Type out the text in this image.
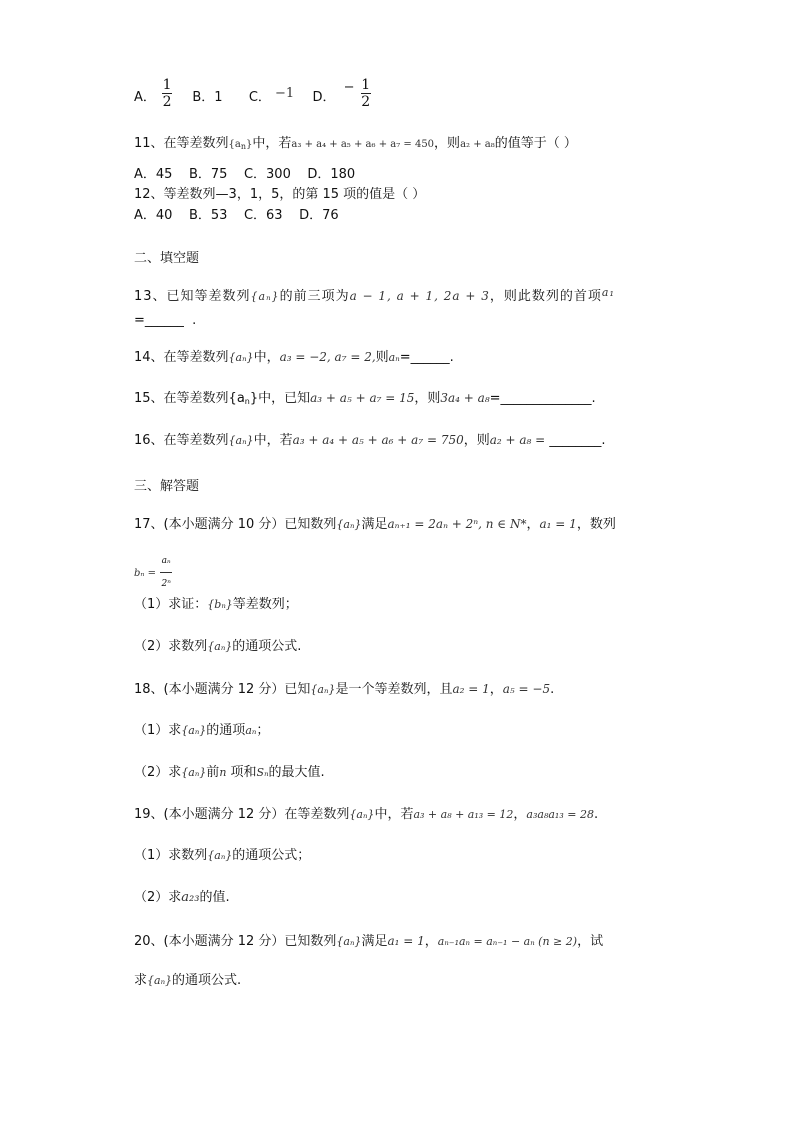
A． $\frac{1}{2}$ B．1 C． −1 D． − $\frac{1}{2}$
11、在等差数列$\{a_n\}$中，若a₃ + a₄ + a₅ + a₆ + a₇ = 450，则a₂ + a₈的值等于（ ）
A．45    B．75    C．300    D．180
12、等差数列—3，1，5，的第 15 项的值是（ ）
A．40    B．53    C．63    D．76
二、填空题
13、已知等差数列{aₙ}的前三项为a − 1, a + 1, 2a + 3，则此数列的首项$^{a_1}$
=______  .
14、在等差数列{aₙ}中，a₃ = −2, a₇ = 2,则aₙ=______.
15、在等差数列$\{a_n\}$中，已知a₃ + a₅ + a₇ = 15，则3a₄ + a₈=______________.
16、在等差数列{aₙ}中，若a₃ + a₄ + a₅ + a₆ + a₇ = 750，则a₂ + a₈ = ________.
三、解答题
17、(本小题满分 10 分）已知数列{aₙ}满足aₙ₊₁ = 2aₙ + 2ⁿ, n ∈ N*，a₁ = 1，数列
$b_n = \frac{\text{aₙ}}{\text{2ⁿ}}$
（1）求证：{bₙ}等差数列；
（2）求数列{aₙ}的通项公式.
18、(本小题满分 12 分）已知{aₙ}是一个等差数列，且a₂ = 1，a₅ = −5.
（1）求{aₙ}的通项aₙ；
（2）求{aₙ}前n 项和Sₙ的最大值.
19、(本小题满分 12 分）在等差数列{aₙ}中，若a₃ + a₈ + a₁₃ = 12，a₃a₈a₁₃ = 28.
（1）求数列{aₙ}的通项公式；
（2）求a₂₃的值.
20、(本小题满分 12 分）已知数列{aₙ}满足a₁ = 1，aₙ₋₁aₙ = aₙ₋₁ − aₙ (n ≥ 2)，试
求{aₙ}的通项公式.
